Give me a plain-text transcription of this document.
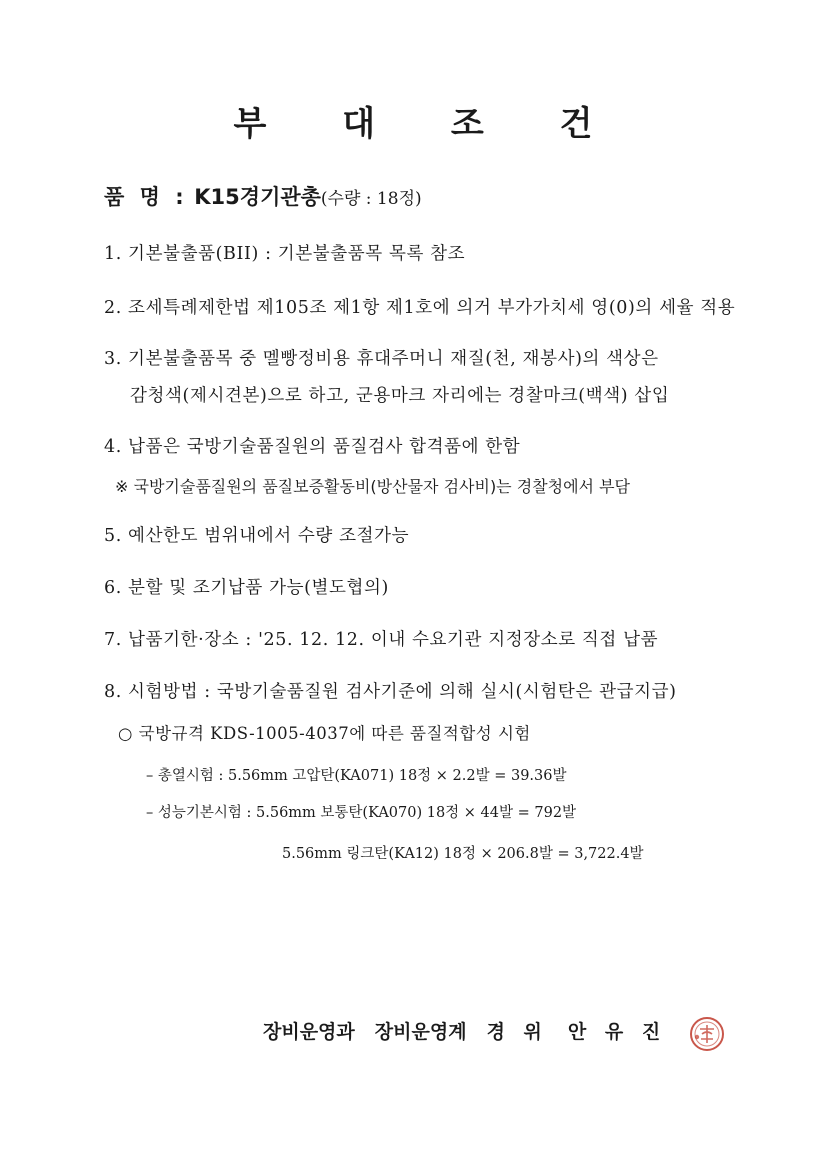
부 대 조 건
품 명 : K15경기관총(수량 : 18정)
1. 기본불출품(BII) : 기본불출품목 목록 참조
2. 조세특례제한법 제105조 제1항 제1호에 의거 부가가치세 영(0)의 세율 적용
3. 기본불출품목 중 멜빵정비용 휴대주머니 재질(천, 재봉사)의 색상은
감청색(제시견본)으로 하고, 군용마크 자리에는 경찰마크(백색) 삽입
4. 납품은 국방기술품질원의 품질검사 합격품에 한함
※ 국방기술품질원의 품질보증활동비(방산물자 검사비)는 경찰청에서 부담
5. 예산한도 범위내에서 수량 조절가능
6. 분할 및 조기납품 가능(별도협의)
7. 납품기한·장소 : '25. 12. 12. 이내 수요기관 지정장소로 직접 납품
8. 시험방법 : 국방기술품질원 검사기준에 의해 실시(시험탄은 관급지급)
○ 국방규격 KDS-1005-4037에 따른 품질적합성 시험
– 총열시험 : 5.56mm 고압탄(KA071) 18정 × 2.2발 = 39.36발
– 성능기본시험 : 5.56mm 보통탄(KA070) 18정 × 44발 = 792발
5.56mm 링크탄(KA12) 18정 × 206.8발 = 3,722.4발
장비운영과 장비운영계 경 위 안 유 진
